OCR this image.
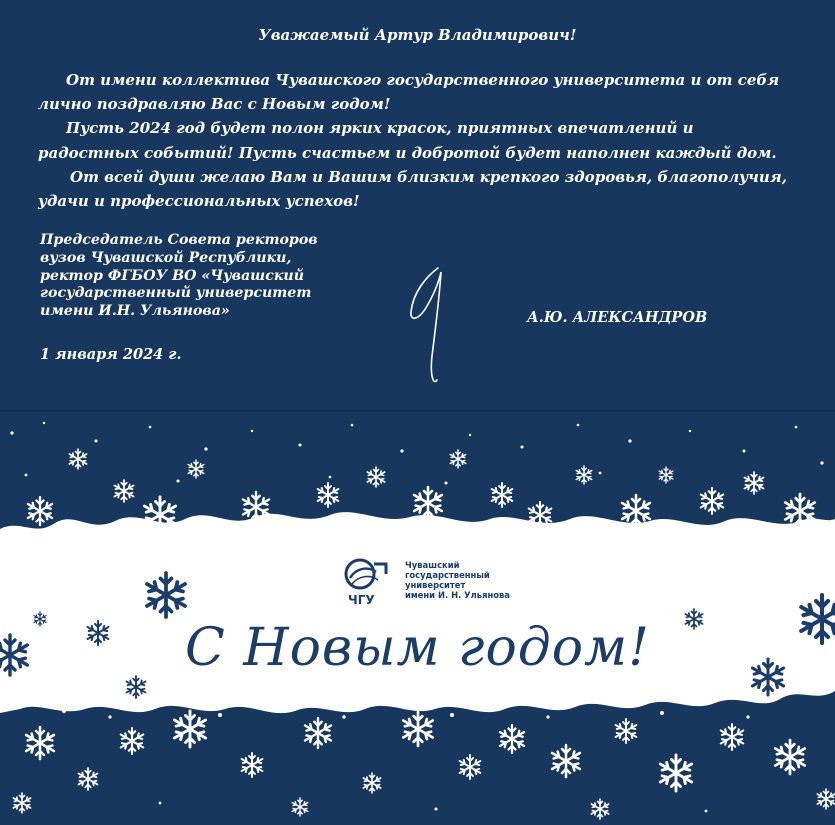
Уважаемый Артур Владимирович!

От имени коллектива Чувашского государственного университета и от себя лично поздравляю Вас с Новым годом!

Пусть 2024 год будет полон ярких красок, приятных впечатлений и радостных событий! Пусть счастьем и добротой будет наполнен каждый дом.

От всей души желаю Вам и Вашим близким крепкого здоровья, благополучия, удачи и профессиональных успехов!

Председатель Совета ректоров
вузов Чувашской Республики,
ректор ФГБОУ ВО «Чувашский
государственный университет
имени И.Н. Ульянова»	А.Ю. АЛЕКСАНДРОВ
1 января 2024 г.
ЧГУ
Чувашский
государственный
университет
имени И. Н. Ульянова
С Новым годом!
